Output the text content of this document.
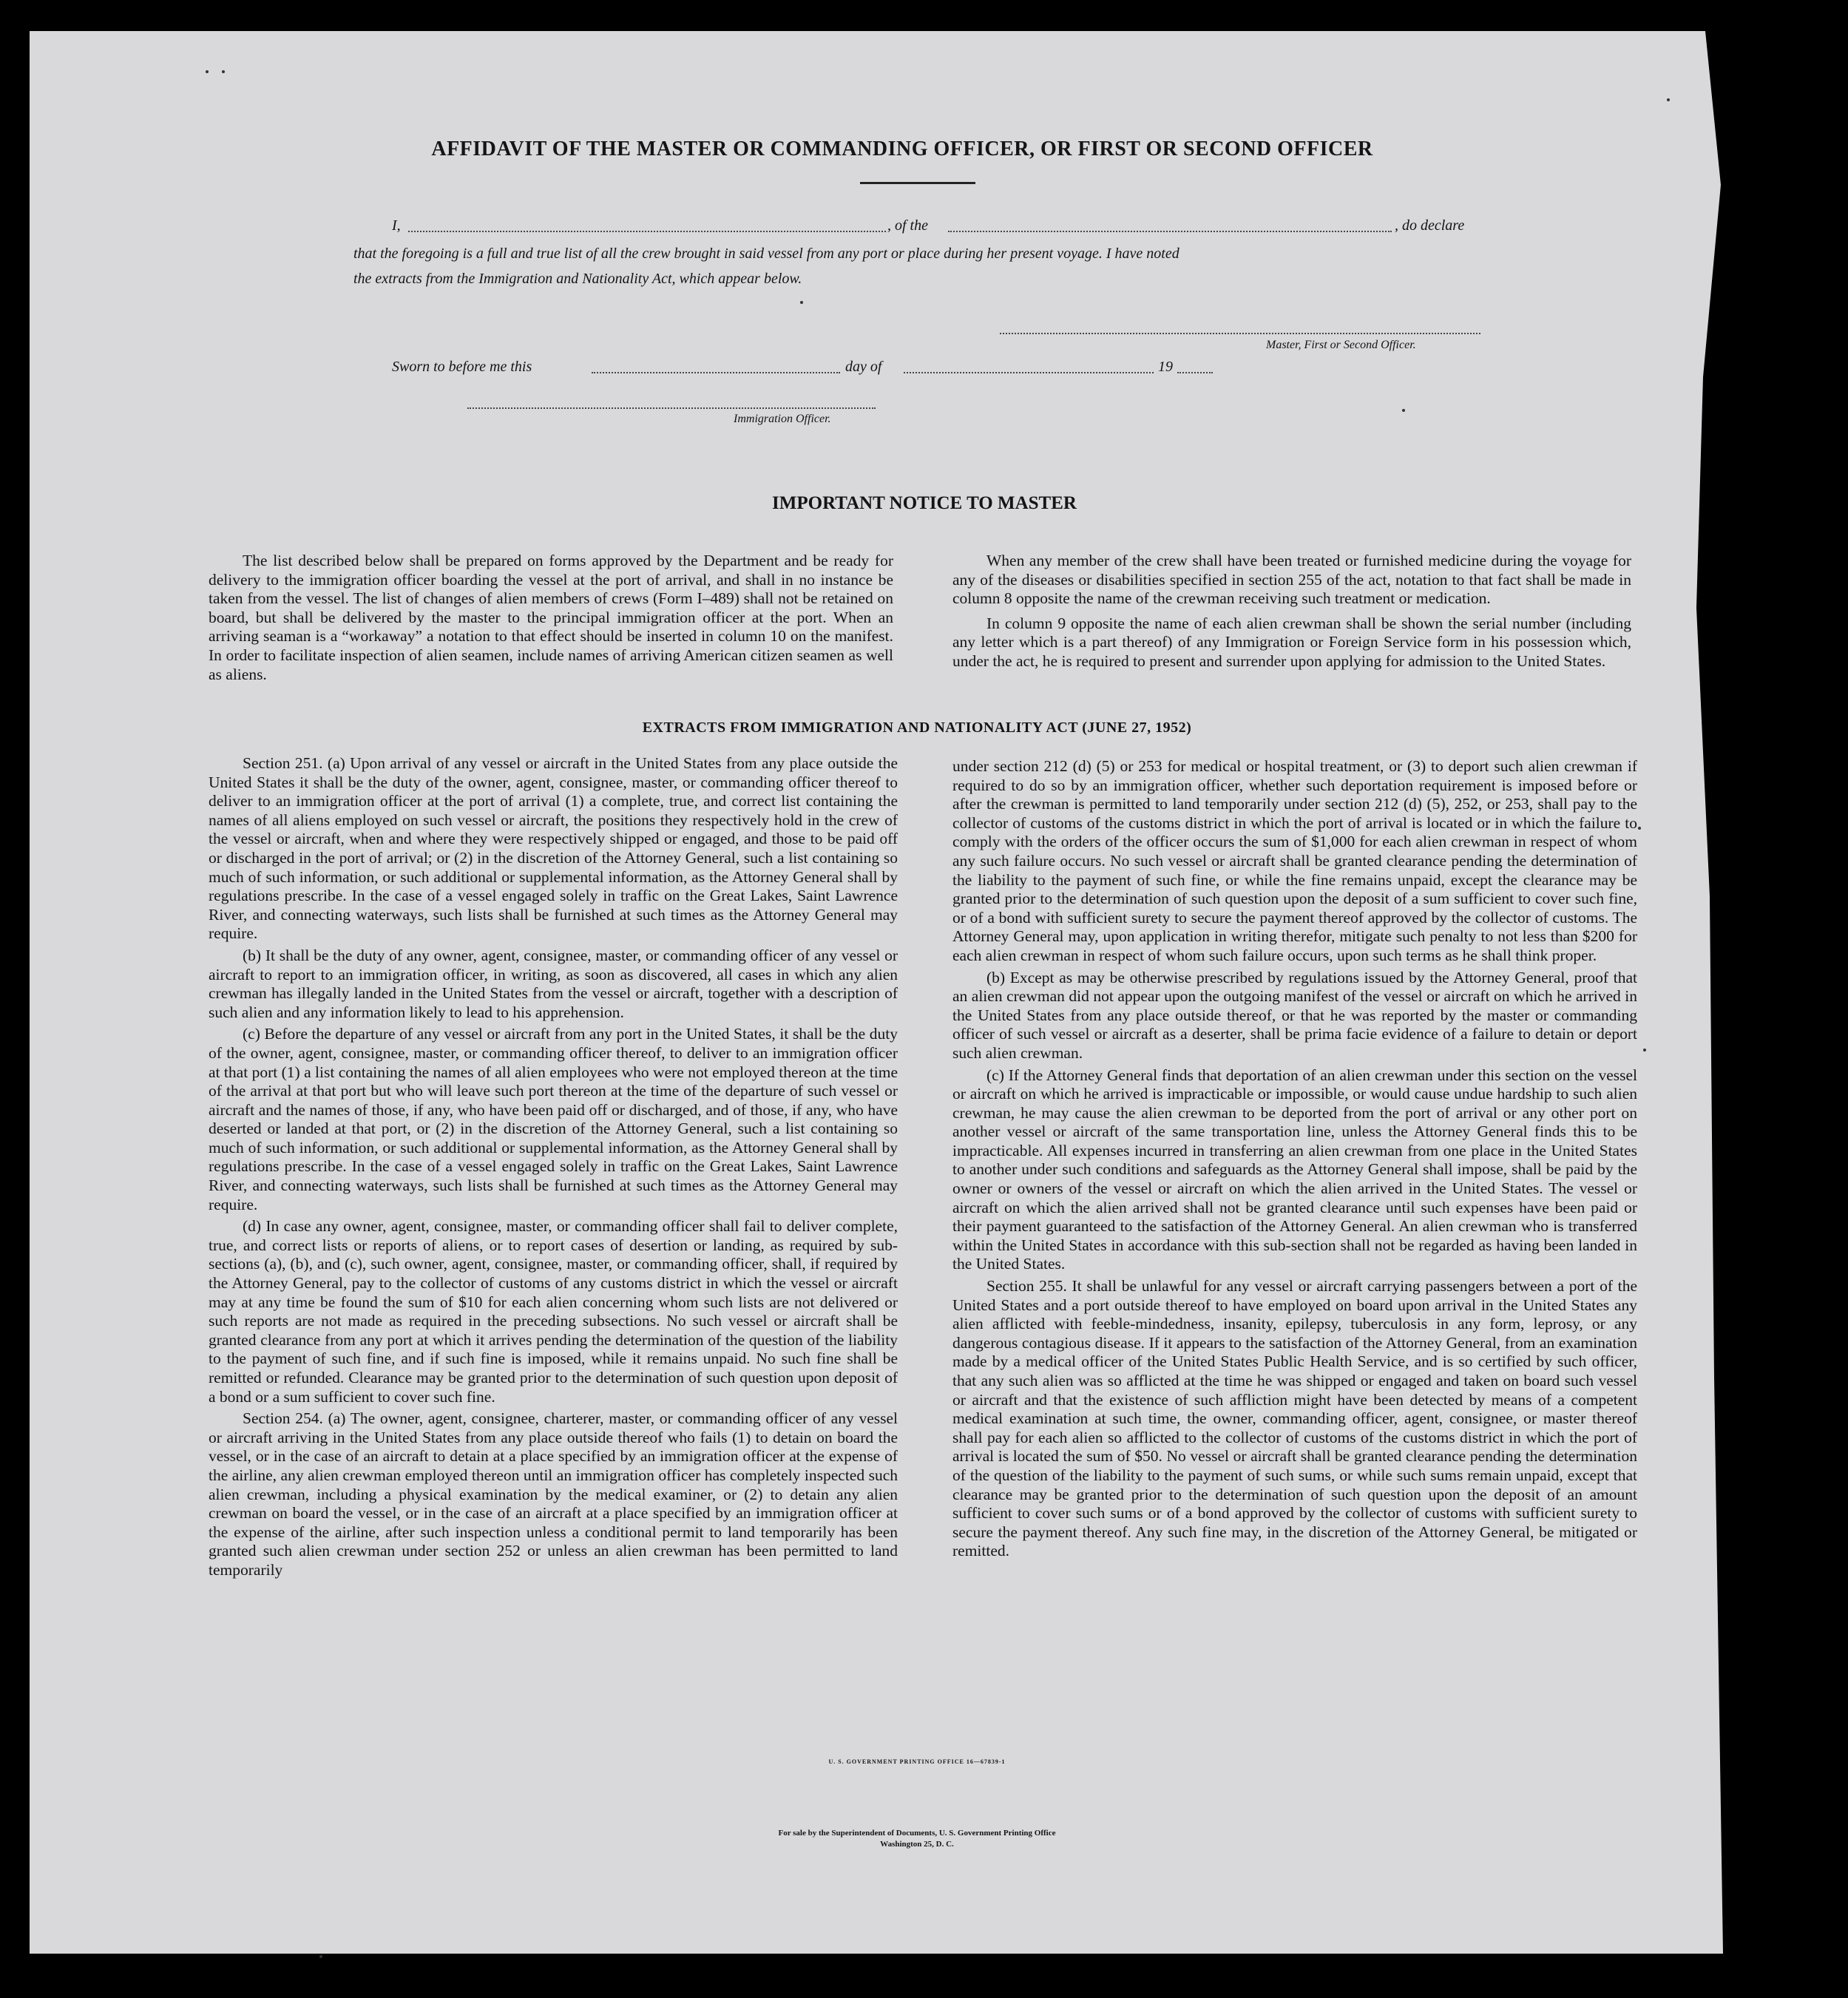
AFFIDAVIT OF THE MASTER OR COMMANDING OFFICER, OR FIRST OR SECOND OFFICER
I,	, of the	, do declare
that the foregoing is a full and true list of all the crew brought in said vessel from any port or place during her present voyage. I have noted
the extracts from the Immigration and Nationality Act, which appear below.
Master, First or Second Officer.
Sworn to before me this	day of	19
Immigration Officer.
IMPORTANT NOTICE TO MASTER

The list described below shall be prepared on forms approved by the Department and be ready for delivery to the immigration officer boarding the vessel at the port of arrival, and shall in no instance be taken from the vessel. The list of changes of alien members of crews (Form I–489) shall not be retained on board, but shall be delivered by the master to the principal immigration officer at the port. When an arriving seaman is a “workaway” a notation to that effect should be inserted in column 10 on the manifest. In order to facilitate inspection of alien seamen, include names of arriving American citizen seamen as well as aliens.

When any member of the crew shall have been treated or furnished medicine during the voyage for any of the diseases or disabilities specified in section 255 of the act, notation to that fact shall be made in column 8 opposite the name of the crewman receiving such treatment or medication.

In column 9 opposite the name of each alien crewman shall be shown the serial number (including any letter which is a part thereof) of any Immigration or Foreign Service form in his possession which, under the act, he is required to present and surrender upon applying for admission to the United States.

EXTRACTS FROM IMMIGRATION AND NATIONALITY ACT (JUNE 27, 1952)

Section 251. (a) Upon arrival of any vessel or aircraft in the United States from any place outside the United States it shall be the duty of the owner, agent, consignee, master, or commanding officer thereof to deliver to an immigration officer at the port of arrival (1) a complete, true, and correct list containing the names of all aliens employed on such vessel or aircraft, the positions they respectively hold in the crew of the vessel or aircraft, when and where they were respectively shipped or engaged, and those to be paid off or discharged in the port of arrival; or (2) in the discretion of the Attorney General, such a list containing so much of such information, or such additional or supplemental information, as the Attorney General shall by regulations prescribe. In the case of a vessel engaged solely in traffic on the Great Lakes, Saint Lawrence River, and connecting waterways, such lists shall be furnished at such times as the Attorney General may require.

(b) It shall be the duty of any owner, agent, consignee, master, or commanding officer of any vessel or aircraft to report to an immigration officer, in writing, as soon as discovered, all cases in which any alien crewman has illegally landed in the United States from the vessel or aircraft, together with a description of such alien and any information likely to lead to his apprehension.

(c) Before the departure of any vessel or aircraft from any port in the United States, it shall be the duty of the owner, agent, consignee, master, or commanding officer thereof, to deliver to an immigration officer at that port (1) a list containing the names of all alien employees who were not employed thereon at the time of the arrival at that port but who will leave such port thereon at the time of the departure of such vessel or aircraft and the names of those, if any, who have been paid off or discharged, and of those, if any, who have deserted or landed at that port, or (2) in the discretion of the Attorney General, such a list containing so much of such information, or such additional or supplemental information, as the Attorney General shall by regulations prescribe. In the case of a vessel engaged solely in traffic on the Great Lakes, Saint Lawrence River, and connecting waterways, such lists shall be furnished at such times as the Attorney General may require.

(d) In case any owner, agent, consignee, master, or commanding officer shall fail to deliver complete, true, and correct lists or reports of aliens, or to report cases of desertion or landing, as required by sub-sections (a), (b), and (c), such owner, agent, consignee, master, or commanding officer, shall, if required by the Attorney General, pay to the collector of customs of any customs district in which the vessel or aircraft may at any time be found the sum of $10 for each alien concerning whom such lists are not delivered or such reports are not made as required in the preceding subsections. No such vessel or aircraft shall be granted clearance from any port at which it arrives pending the determination of the question of the liability to the payment of such fine, and if such fine is imposed, while it remains unpaid. No such fine shall be remitted or refunded. Clearance may be granted prior to the determination of such question upon deposit of a bond or a sum sufficient to cover such fine.

Section 254. (a) The owner, agent, consignee, charterer, master, or commanding officer of any vessel or aircraft arriving in the United States from any place outside thereof who fails (1) to detain on board the vessel, or in the case of an aircraft to detain at a place specified by an immigration officer at the expense of the airline, any alien crewman employed thereon until an immigration officer has completely inspected such alien crewman, including a physical examination by the medical examiner, or (2) to detain any alien crewman on board the vessel, or in the case of an aircraft at a place specified by an immigration officer at the expense of the airline, after such inspection unless a conditional permit to land temporarily has been granted such alien crewman under section 252 or unless an alien crewman has been permitted to land temporarily

under section 212 (d) (5) or 253 for medical or hospital treatment, or (3) to deport such alien crewman if required to do so by an immigration officer, whether such deportation requirement is imposed before or after the crewman is permitted to land temporarily under section 212 (d) (5), 252, or 253, shall pay to the collector of customs of the customs district in which the port of arrival is located or in which the failure to comply with the orders of the officer occurs the sum of $1,000 for each alien crewman in respect of whom any such failure occurs. No such vessel or aircraft shall be granted clearance pending the determination of the liability to the payment of such fine, or while the fine remains unpaid, except the clearance may be granted prior to the determination of such question upon the deposit of a sum sufficient to cover such fine, or of a bond with sufficient surety to secure the payment thereof approved by the collector of customs. The Attorney General may, upon application in writing therefor, mitigate such penalty to not less than $200 for each alien crewman in respect of whom such failure occurs, upon such terms as he shall think proper.

(b) Except as may be otherwise prescribed by regulations issued by the Attorney General, proof that an alien crewman did not appear upon the outgoing manifest of the vessel or aircraft on which he arrived in the United States from any place outside thereof, or that he was reported by the master or commanding officer of such vessel or aircraft as a deserter, shall be prima facie evidence of a failure to detain or deport such alien crewman.

(c) If the Attorney General finds that deportation of an alien crewman under this section on the vessel or aircraft on which he arrived is impracticable or impossible, or would cause undue hardship to such alien crewman, he may cause the alien crewman to be deported from the port of arrival or any other port on another vessel or aircraft of the same transportation line, unless the Attorney General finds this to be impracticable. All expenses incurred in transferring an alien crewman from one place in the United States to another under such conditions and safeguards as the Attorney General shall impose, shall be paid by the owner or owners of the vessel or aircraft on which the alien arrived in the United States. The vessel or aircraft on which the alien arrived shall not be granted clearance until such expenses have been paid or their payment guaranteed to the satisfaction of the Attorney General. An alien crewman who is transferred within the United States in accordance with this sub-section shall not be regarded as having been landed in the United States.

Section 255. It shall be unlawful for any vessel or aircraft carrying passengers between a port of the United States and a port outside thereof to have employed on board upon arrival in the United States any alien afflicted with feeble-mindedness, insanity, epilepsy, tuberculosis in any form, leprosy, or any dangerous contagious disease. If it appears to the satisfaction of the Attorney General, from an examination made by a medical officer of the United States Public Health Service, and is so certified by such officer, that any such alien was so afflicted at the time he was shipped or engaged and taken on board such vessel or aircraft and that the existence of such affliction might have been detected by means of a competent medical examination at such time, the owner, commanding officer, agent, consignee, or master thereof shall pay for each alien so afflicted to the collector of customs of the customs district in which the port of arrival is located the sum of $50. No vessel or aircraft shall be granted clearance pending the determination of the question of the liability to the payment of such sums, or while such sums remain unpaid, except that clearance may be granted prior to the determination of such question upon the deposit of an amount sufficient to cover such sums or of a bond approved by the collector of customs with sufficient surety to secure the payment thereof. Any such fine may, in the discretion of the Attorney General, be mitigated or remitted.

U. S. GOVERNMENT PRINTING OFFICE 16—67839-1
For sale by the Superintendent of Documents, U. S. Government Printing Office
Washington 25, D. C.
